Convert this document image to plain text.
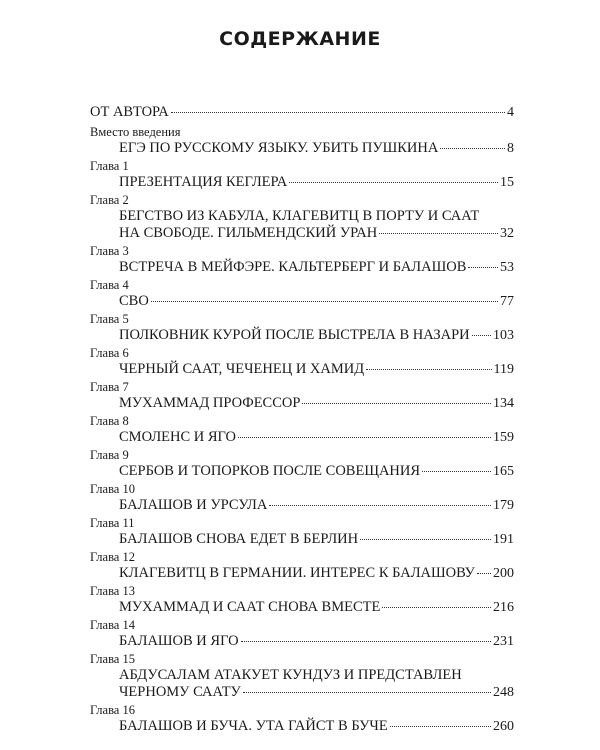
СОДЕРЖАНИЕ
ОТ АВТОРА	4
Вместо введения
ЕГЭ ПО РУССКОМУ ЯЗЫКУ. УБИТЬ ПУШКИНА	8
Глава 1
ПРЕЗЕНТАЦИЯ КЕГЛЕРА	15
Глава 2
БЕГСТВО ИЗ КАБУЛА, КЛАГЕВИТЦ В ПОРТУ И СААТ
НА СВОБОДЕ. ГИЛЬМЕНДСКИЙ УРАН	32
Глава 3
ВСТРЕЧА В МЕЙФЭРЕ. КАЛЬТЕРБЕРГ И БАЛАШОВ 53
Глава 4
СВО	77
Глава 5
ПОЛКОВНИК КУРОЙ ПОСЛЕ ВЫСТРЕЛА В НАЗАРИ 103
Глава 6
ЧЕРНЫЙ СААТ, ЧЕЧЕНЕЦ И ХАМИД	119
Глава 7
МУХАММАД ПРОФЕССОР	134
Глава 8
СМОЛЕНС И ЯГО	159
Глава 9
СЕРБОВ И ТОПОРКОВ ПОСЛЕ СОВЕЩАНИЯ	165
Глава 10
БАЛАШОВ И УРСУЛА	179
Глава 11
БАЛАШОВ СНОВА ЕДЕТ В БЕРЛИН	191
Глава 12
КЛАГЕВИТЦ В ГЕРМАНИИ. ИНТЕРЕС К БАЛАШОВУ 200
Глава 13
МУХАММАД И СААТ СНОВА ВМЕСТЕ	216
Глава 14
БАЛАШОВ И ЯГО	231
Глава 15
АБДУСАЛАМ АТАКУЕТ КУНДУЗ И ПРЕДСТАВЛЕН
ЧЕРНОМУ СААТУ	248
Глава 16
БАЛАШОВ И БУЧА. УТА ГАЙСТ В БУЧЕ	260
